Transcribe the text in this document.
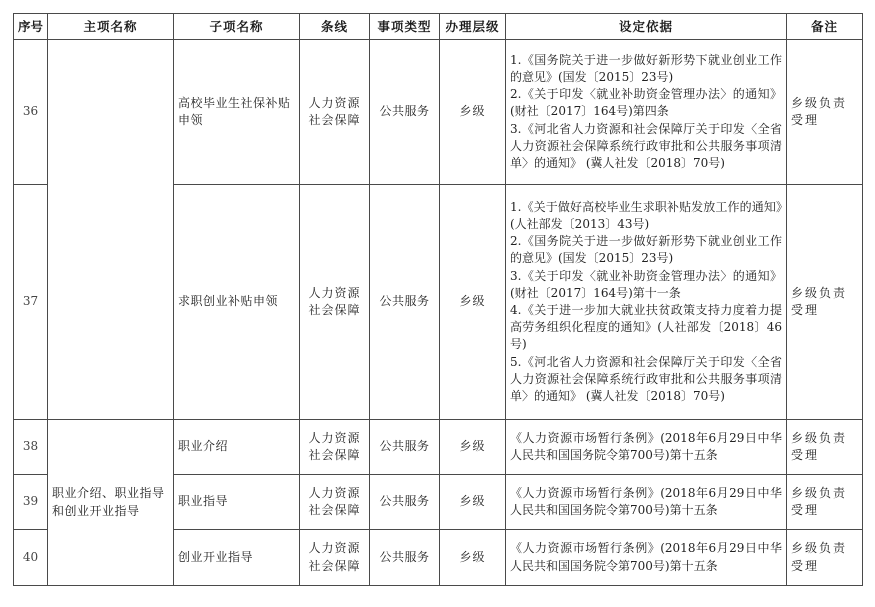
序号	主项名称	子项名称	条线	事项类型	办理层级	设定依据	备注
36		高校毕业生社保补贴申领	人力资源社会保障	公共服务	乡级	1.《国务院关于进一步做好新形势下就业创业工作的意见》(国发〔2015〕23号)
2.《关于印发〈就业补助资金管理办法〉的通知》(财社〔2017〕164号)第四条
3.《河北省人力资源和社会保障厅关于印发〈全省人力资源社会保障系统行政审批和公共服务事项清单〉的通知》 (冀人社发〔2018〕70号)	乡级负责受理
37		求职创业补贴申领	人力资源社会保障	公共服务	乡级	1.《关于做好高校毕业生求职补贴发放工作的通知》(人社部发〔2013〕43号)
2.《国务院关于进一步做好新形势下就业创业工作的意见》(国发〔2015〕23号)
3.《关于印发〈就业补助资金管理办法〉的通知》(财社〔2017〕164号)第十一条
4.《关于进一步加大就业扶贫政策支持力度着力提高劳务组织化程度的通知》(人社部发〔2018〕46号)
5.《河北省人力资源和社会保障厅关于印发〈全省人力资源社会保障系统行政审批和公共服务事项清单〉的通知》 (冀人社发〔2018〕70号)	乡级负责受理
38	职业介绍、职业指导和创业开业指导	职业介绍	人力资源社会保障	公共服务	乡级	《人力资源市场暂行条例》(2018年6月29日中华人民共和国国务院令第700号)第十五条	乡级负责受理
39		职业指导	人力资源社会保障	公共服务	乡级	《人力资源市场暂行条例》(2018年6月29日中华人民共和国国务院令第700号)第十五条	乡级负责受理
40		创业开业指导	人力资源社会保障	公共服务	乡级	《人力资源市场暂行条例》(2018年6月29日中华人民共和国国务院令第700号)第十五条	乡级负责受理
